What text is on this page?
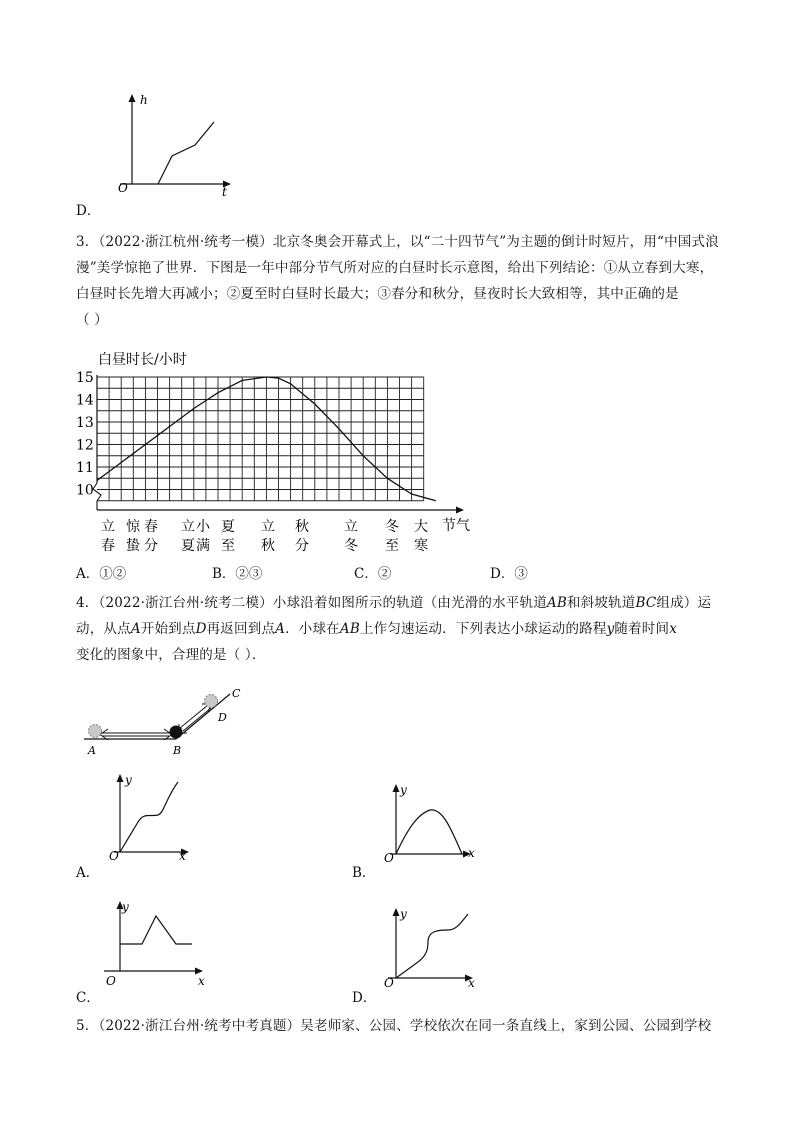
h
t
O
D．
3．（2022·浙江杭州·统考一模）北京冬奥会开幕式上，以“二十四节气”为主题的倒计时短片，用“中国式浪
漫”美学惊艳了世界．下图是一年中部分节气所对应的白昼时长示意图，给出下列结论：①从立春到大寒，
白昼时长先增大再减小；②夏至时白昼时长最大；③春分和秋分，昼夜时长大致相等，其中正确的是
（ ）
白昼时长/小时
15
14
13
12
11
10
立
春
惊
蛰
春
分
立
夏
小
满
夏
至
立
秋
秋
分
立
冬
冬
至
大
寒
节气
A．①②	B．②③	C．②	D．③
4．（2022·浙江台州·统考二模）小球沿着如图所示的轨道（由光滑的水平轨道AB和斜坡轨道BC组成）运
动，从点A开始到点D再返回到点A．小球在AB上作匀速运动．下列表达小球运动的路程y随着时间x
变化的图象中，合理的是（ ）．
A	B
C
D
y
x
O
A．
y
x
O
B．
y
x
O
C．
y
x
O
D．
5．（2022·浙江台州·统考中考真题）吴老师家、公园、学校依次在同一条直线上，家到公园、公园到学校
